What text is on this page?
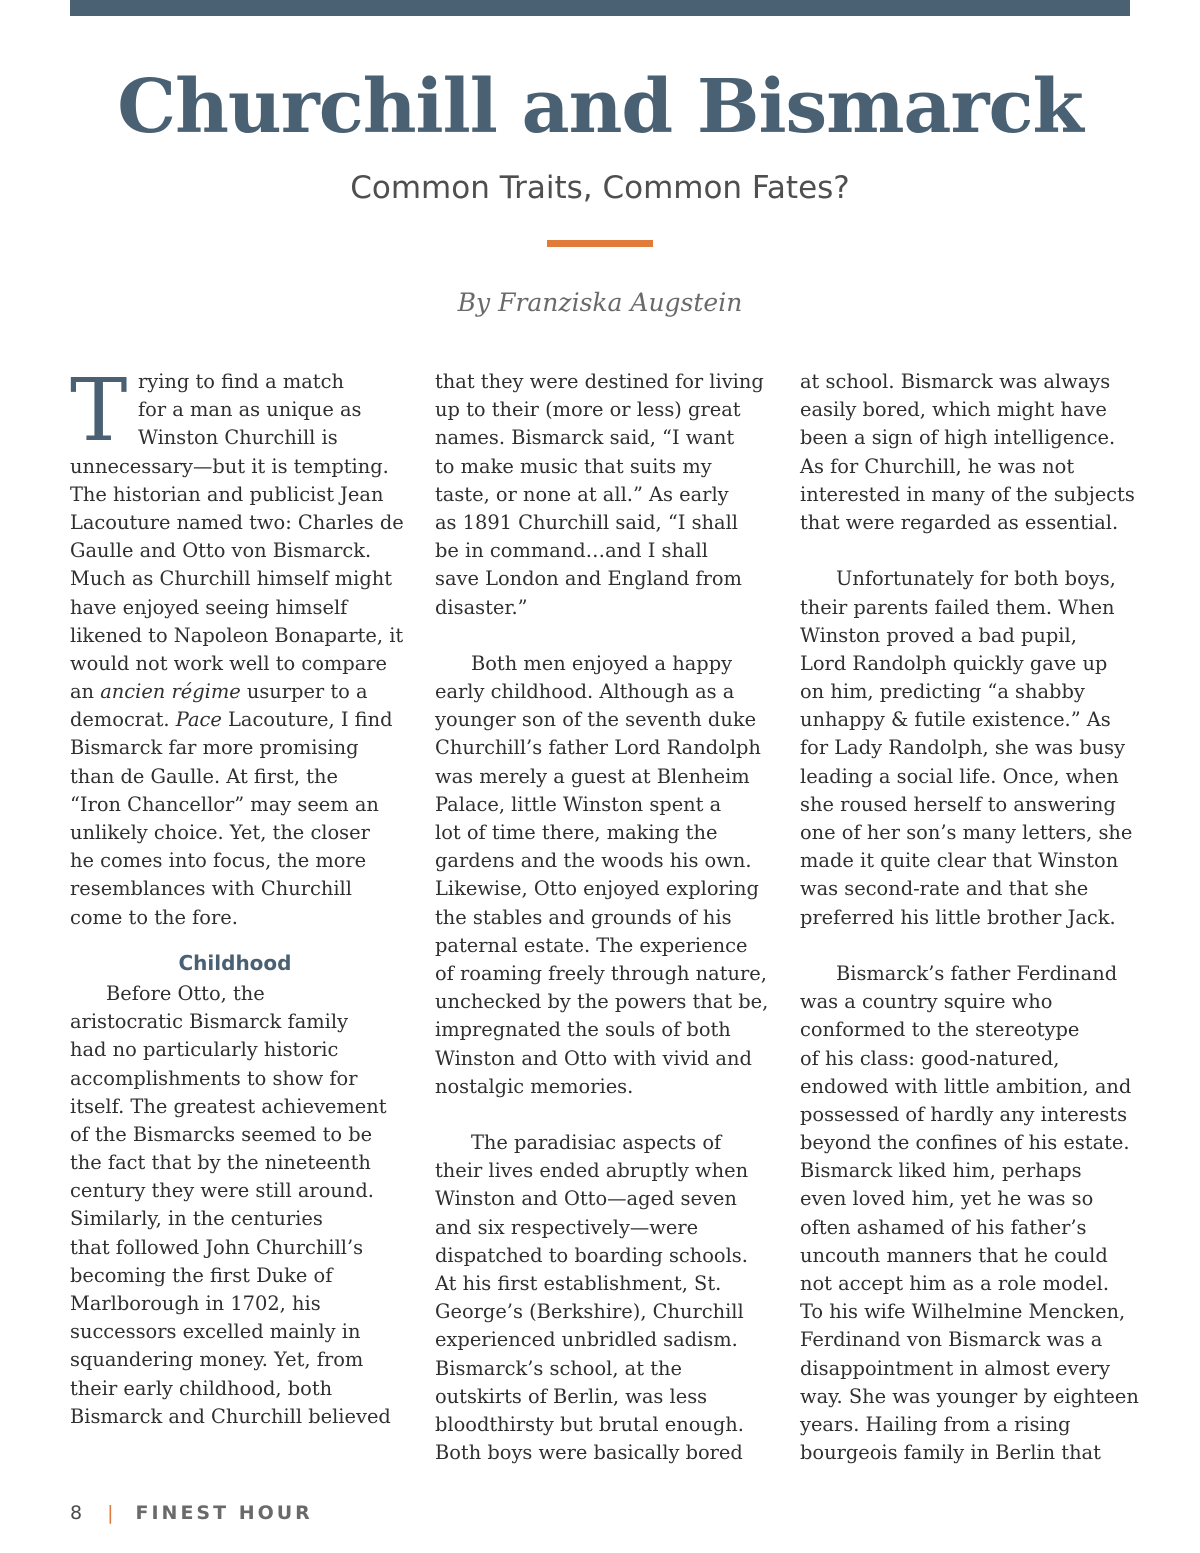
Churchill and Bismarck
Common Traits, Common Fates?
By Franziska Augstein
T rying to find a match
for a man as unique as
Winston Churchill is
unnecessary—but it is tempting.
The historian and publicist Jean
Lacouture named two: Charles de
Gaulle and Otto von Bismarck.
Much as Churchill himself might
have enjoyed seeing himself
likened to Napoleon Bonaparte, it
would not work well to compare
an ancien régime usurper to a
democrat. Pace Lacouture, I find
Bismarck far more promising
than de Gaulle. At first, the
“Iron Chancellor” may seem an
unlikely choice. Yet, the closer
he comes into focus, the more
resemblances with Churchill
come to the fore.
Childhood
Before Otto, the
aristocratic Bismarck family
had no particularly historic
accomplishments to show for
itself. The greatest achievement
of the Bismarcks seemed to be
the fact that by the nineteenth
century they were still around.
Similarly, in the centuries
that followed John Churchill’s
becoming the first Duke of
Marlborough in 1702, his
successors excelled mainly in
squandering money. Yet, from
their early childhood, both
Bismarck and Churchill believed
that they were destined for living
up to their (more or less) great
names. Bismarck said, “I want
to make music that suits my
taste, or none at all.” As early
as 1891 Churchill said, “I shall
be in command…and I shall
save London and England from
disaster.”
Both men enjoyed a happy
early childhood. Although as a
younger son of the seventh duke
Churchill’s father Lord Randolph
was merely a guest at Blenheim
Palace, little Winston spent a
lot of time there, making the
gardens and the woods his own.
Likewise, Otto enjoyed exploring
the stables and grounds of his
paternal estate. The experience
of roaming freely through nature,
unchecked by the powers that be,
impregnated the souls of both
Winston and Otto with vivid and
nostalgic memories.
The paradisiac aspects of
their lives ended abruptly when
Winston and Otto—aged seven
and six respectively—were
dispatched to boarding schools.
At his first establishment, St.
George’s (Berkshire), Churchill
experienced unbridled sadism.
Bismarck’s school, at the
outskirts of Berlin, was less
bloodthirsty but brutal enough.
Both boys were basically bored
at school. Bismarck was always
easily bored, which might have
been a sign of high intelligence.
As for Churchill, he was not
interested in many of the subjects
that were regarded as essential.
Unfortunately for both boys,
their parents failed them. When
Winston proved a bad pupil,
Lord Randolph quickly gave up
on him, predicting “a shabby
unhappy & futile existence.” As
for Lady Randolph, she was busy
leading a social life. Once, when
she roused herself to answering
one of her son’s many letters, she
made it quite clear that Winston
was second-rate and that she
preferred his little brother Jack.
Bismarck’s father Ferdinand
was a country squire who
conformed to the stereotype
of his class: good-natured,
endowed with little ambition, and
possessed of hardly any interests
beyond the confines of his estate.
Bismarck liked him, perhaps
even loved him, yet he was so
often ashamed of his father’s
uncouth manners that he could
not accept him as a role model.
To his wife Wilhelmine Mencken,
Ferdinand von Bismarck was a
disappointment in almost every
way. She was younger by eighteen
years. Hailing from a rising
bourgeois family in Berlin that
8 | FINEST HOUR
